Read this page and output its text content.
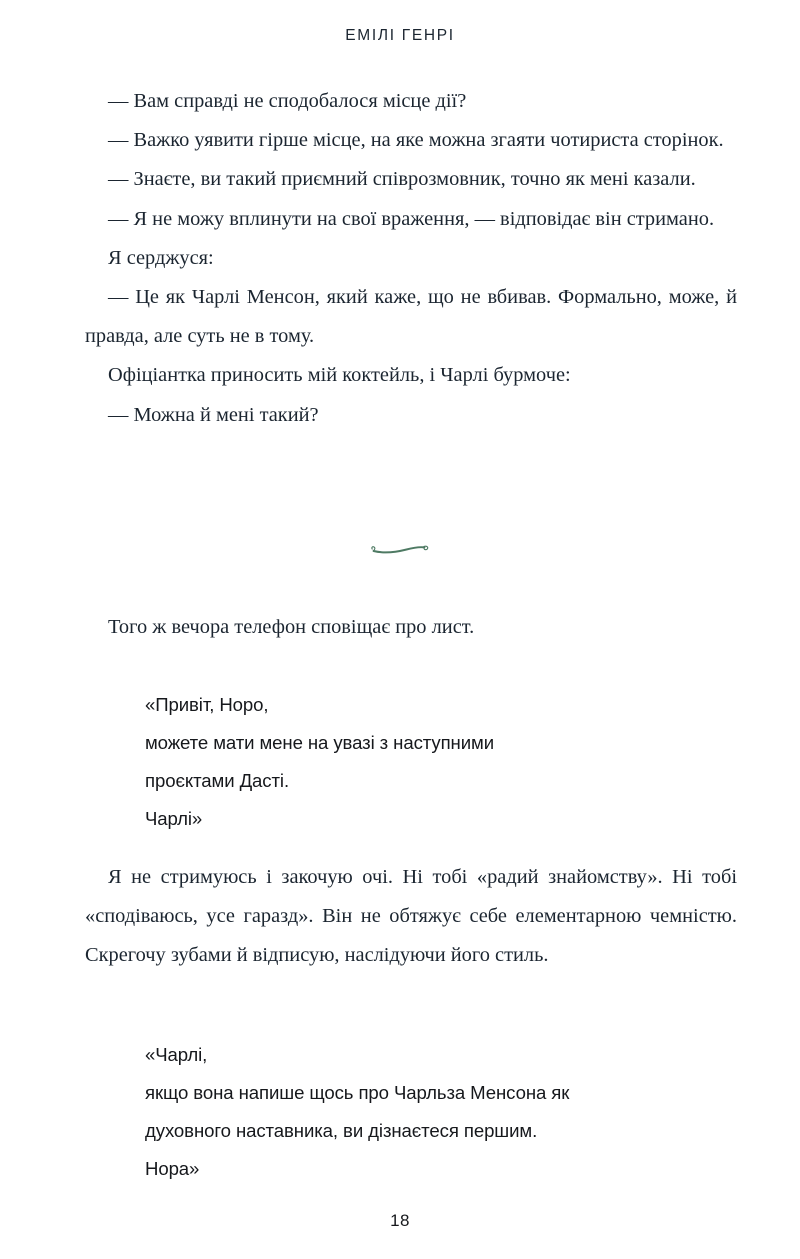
ЕМІЛІ ГЕНРІ

— Вам справді не сподобалося місце дії?

— Важко уявити гірше місце, на яке можна згаяти чотириста сторінок.

— Знаєте, ви такий приємний співрозмовник, точно як мені казали.

— Я не можу вплинути на свої враження, — відповідає він стримано.

Я серджуся:

— Це як Чарлі Менсон, який каже, що не вбивав. Формально, може, й правда, але суть не в тому.

Офіціантка приносить мій коктейль, і Чарлі бурмоче:

— Можна й мені такий?

Того ж вечора телефон сповіщає про лист.

«Привіт, Норо,
можете мати мене на увазі з наступними
проєктами Дасті.
Чарлі»

Я не стримуюсь і закочую очі. Ні тобі «радий знайомству». Ні тобі «сподіваюсь, усе гаразд». Він не обтяжує себе елементарною чемністю. Скрегочу зубами й відписую, наслідуючи його стиль.

«Чарлі,
якщо вона напише щось про Чарльза Менсона як
духовного наставника, ви дізнаєтеся першим.
Нора»
18
